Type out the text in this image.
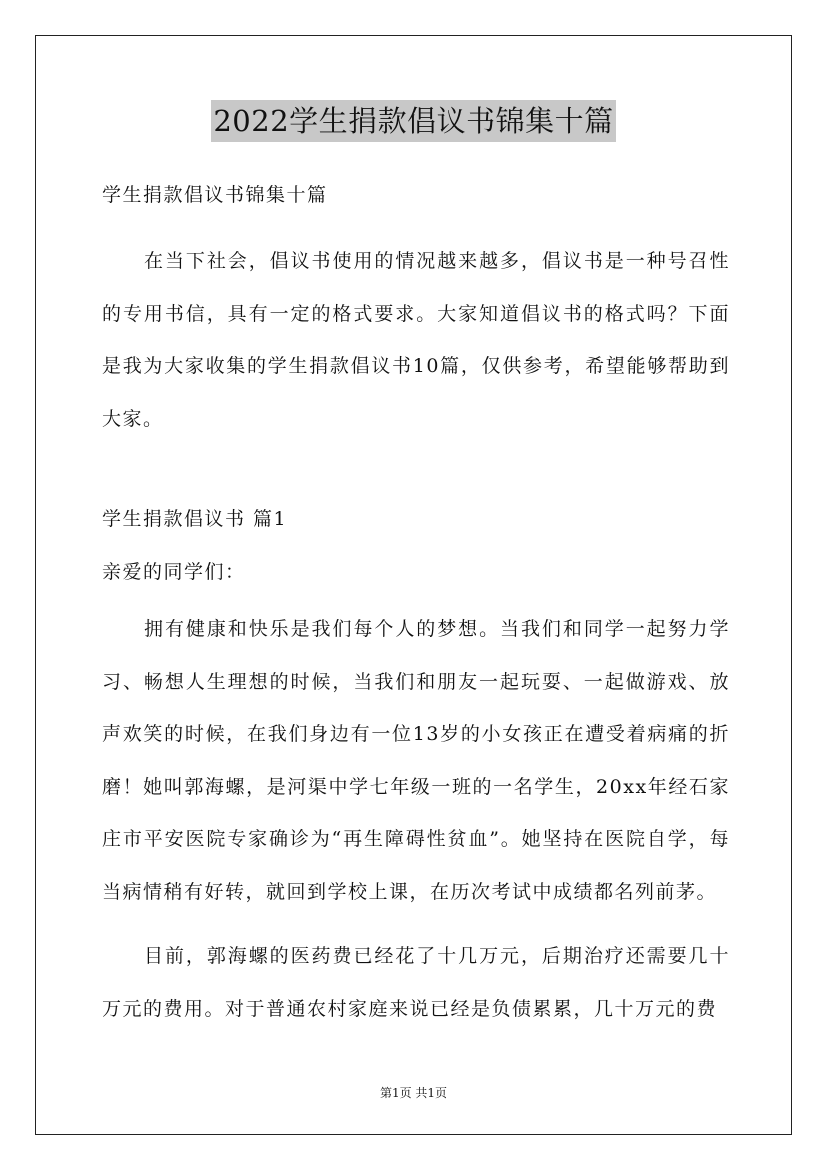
2022学生捐款倡议书锦集十篇

学生捐款倡议书锦集十篇

在当下社会，倡议书使用的情况越来越多，倡议书是一种号召性的专用书信，具有一定的格式要求。大家知道倡议书的格式吗？下面是我为大家收集的学生捐款倡议书10篇，仅供参考，希望能够帮助到大家。

学生捐款倡议书 篇1

亲爱的同学们：

拥有健康和快乐是我们每个人的梦想。当我们和同学一起努力学习、畅想人生理想的时候，当我们和朋友一起玩耍、一起做游戏、放声欢笑的时候，在我们身边有一位13岁的小女孩正在遭受着病痛的折磨！她叫郭海螺，是河渠中学七年级一班的一名学生，20xx年经石家庄市平安医院专家确诊为“再生障碍性贫血”。她坚持在医院自学，每当病情稍有好转，就回到学校上课，在历次考试中成绩都名列前茅。

目前，郭海螺的医药费已经花了十几万元，后期治疗还需要几十万元的费用。对于普通农村家庭来说已经是负债累累，几十万元的费

第1页 共1页
